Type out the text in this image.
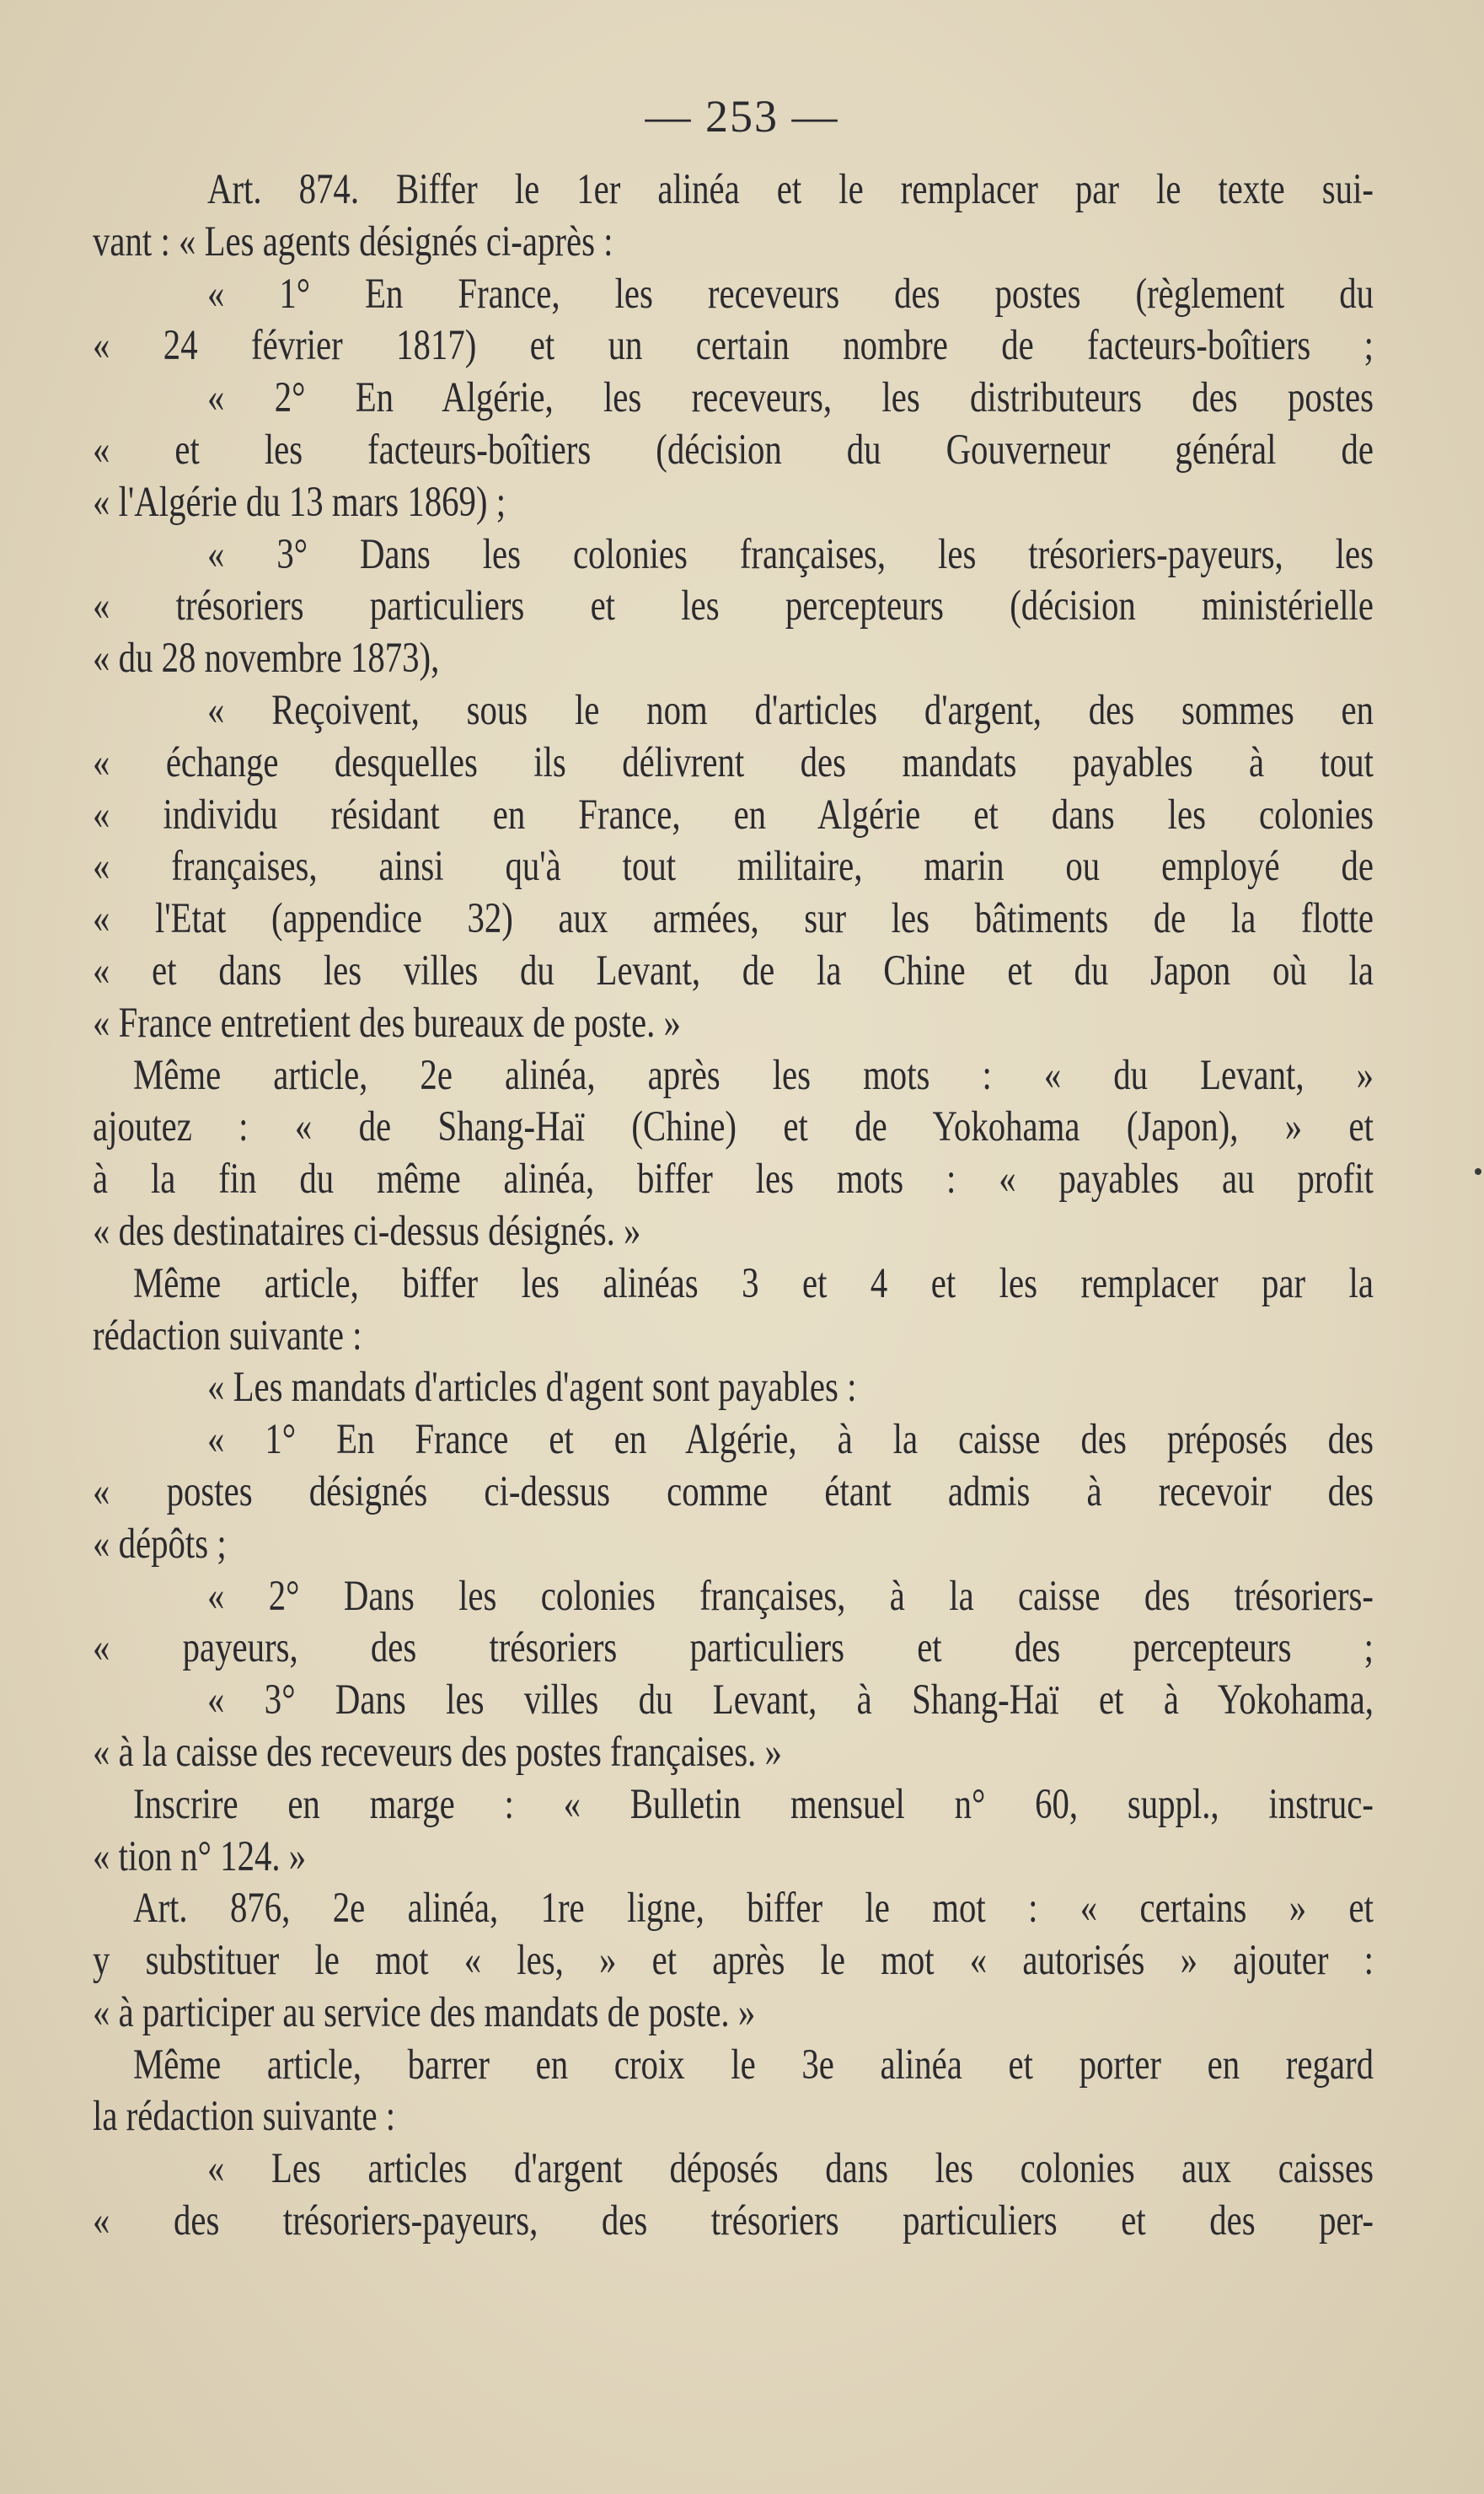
— 253 —
Art. 874. Biffer le 1er alinéa et le remplacer par le texte sui-
vant : « Les agents désignés ci-après :
« 1° En France, les receveurs des postes (règlement du
« 24 février 1817) et un certain nombre de facteurs-boîtiers ;
« 2° En Algérie, les receveurs, les distributeurs des postes
« et les facteurs-boîtiers (décision du Gouverneur général de
« l'Algérie du 13 mars 1869) ;
« 3° Dans les colonies françaises, les trésoriers-payeurs, les
« trésoriers particuliers et les percepteurs (décision ministérielle
« du 28 novembre 1873),
« Reçoivent, sous le nom d'articles d'argent, des sommes en
« échange desquelles ils délivrent des mandats payables à tout
« individu résidant en France, en Algérie et dans les colonies
« françaises, ainsi qu'à tout militaire, marin ou employé de
« l'Etat (appendice 32) aux armées, sur les bâtiments de la flotte
« et dans les villes du Levant, de la Chine et du Japon où la
« France entretient des bureaux de poste. »
Même article, 2e alinéa, après les mots : « du Levant, »
ajoutez : « de Shang-Haï (Chine) et de Yokohama (Japon), » et
à la fin du même alinéa, biffer les mots : « payables au profit
« des destinataires ci-dessus désignés. »
Même article, biffer les alinéas 3 et 4 et les remplacer par la
rédaction suivante :
« Les mandats d'articles d'agent sont payables :
« 1° En France et en Algérie, à la caisse des préposés des
« postes désignés ci-dessus comme étant admis à recevoir des
« dépôts ;
« 2° Dans les colonies françaises, à la caisse des trésoriers-
« payeurs, des trésoriers particuliers et des percepteurs ;
« 3° Dans les villes du Levant, à Shang-Haï et à Yokohama,
« à la caisse des receveurs des postes françaises. »
Inscrire en marge : « Bulletin mensuel n° 60, suppl., instruc-
« tion n° 124. »
Art. 876, 2e alinéa, 1re ligne, biffer le mot : « certains » et
y substituer le mot « les, » et après le mot « autorisés » ajouter :
« à participer au service des mandats de poste. »
Même article, barrer en croix le 3e alinéa et porter en regard
la rédaction suivante :
« Les articles d'argent déposés dans les colonies aux caisses
« des trésoriers-payeurs, des trésoriers particuliers et des per-
